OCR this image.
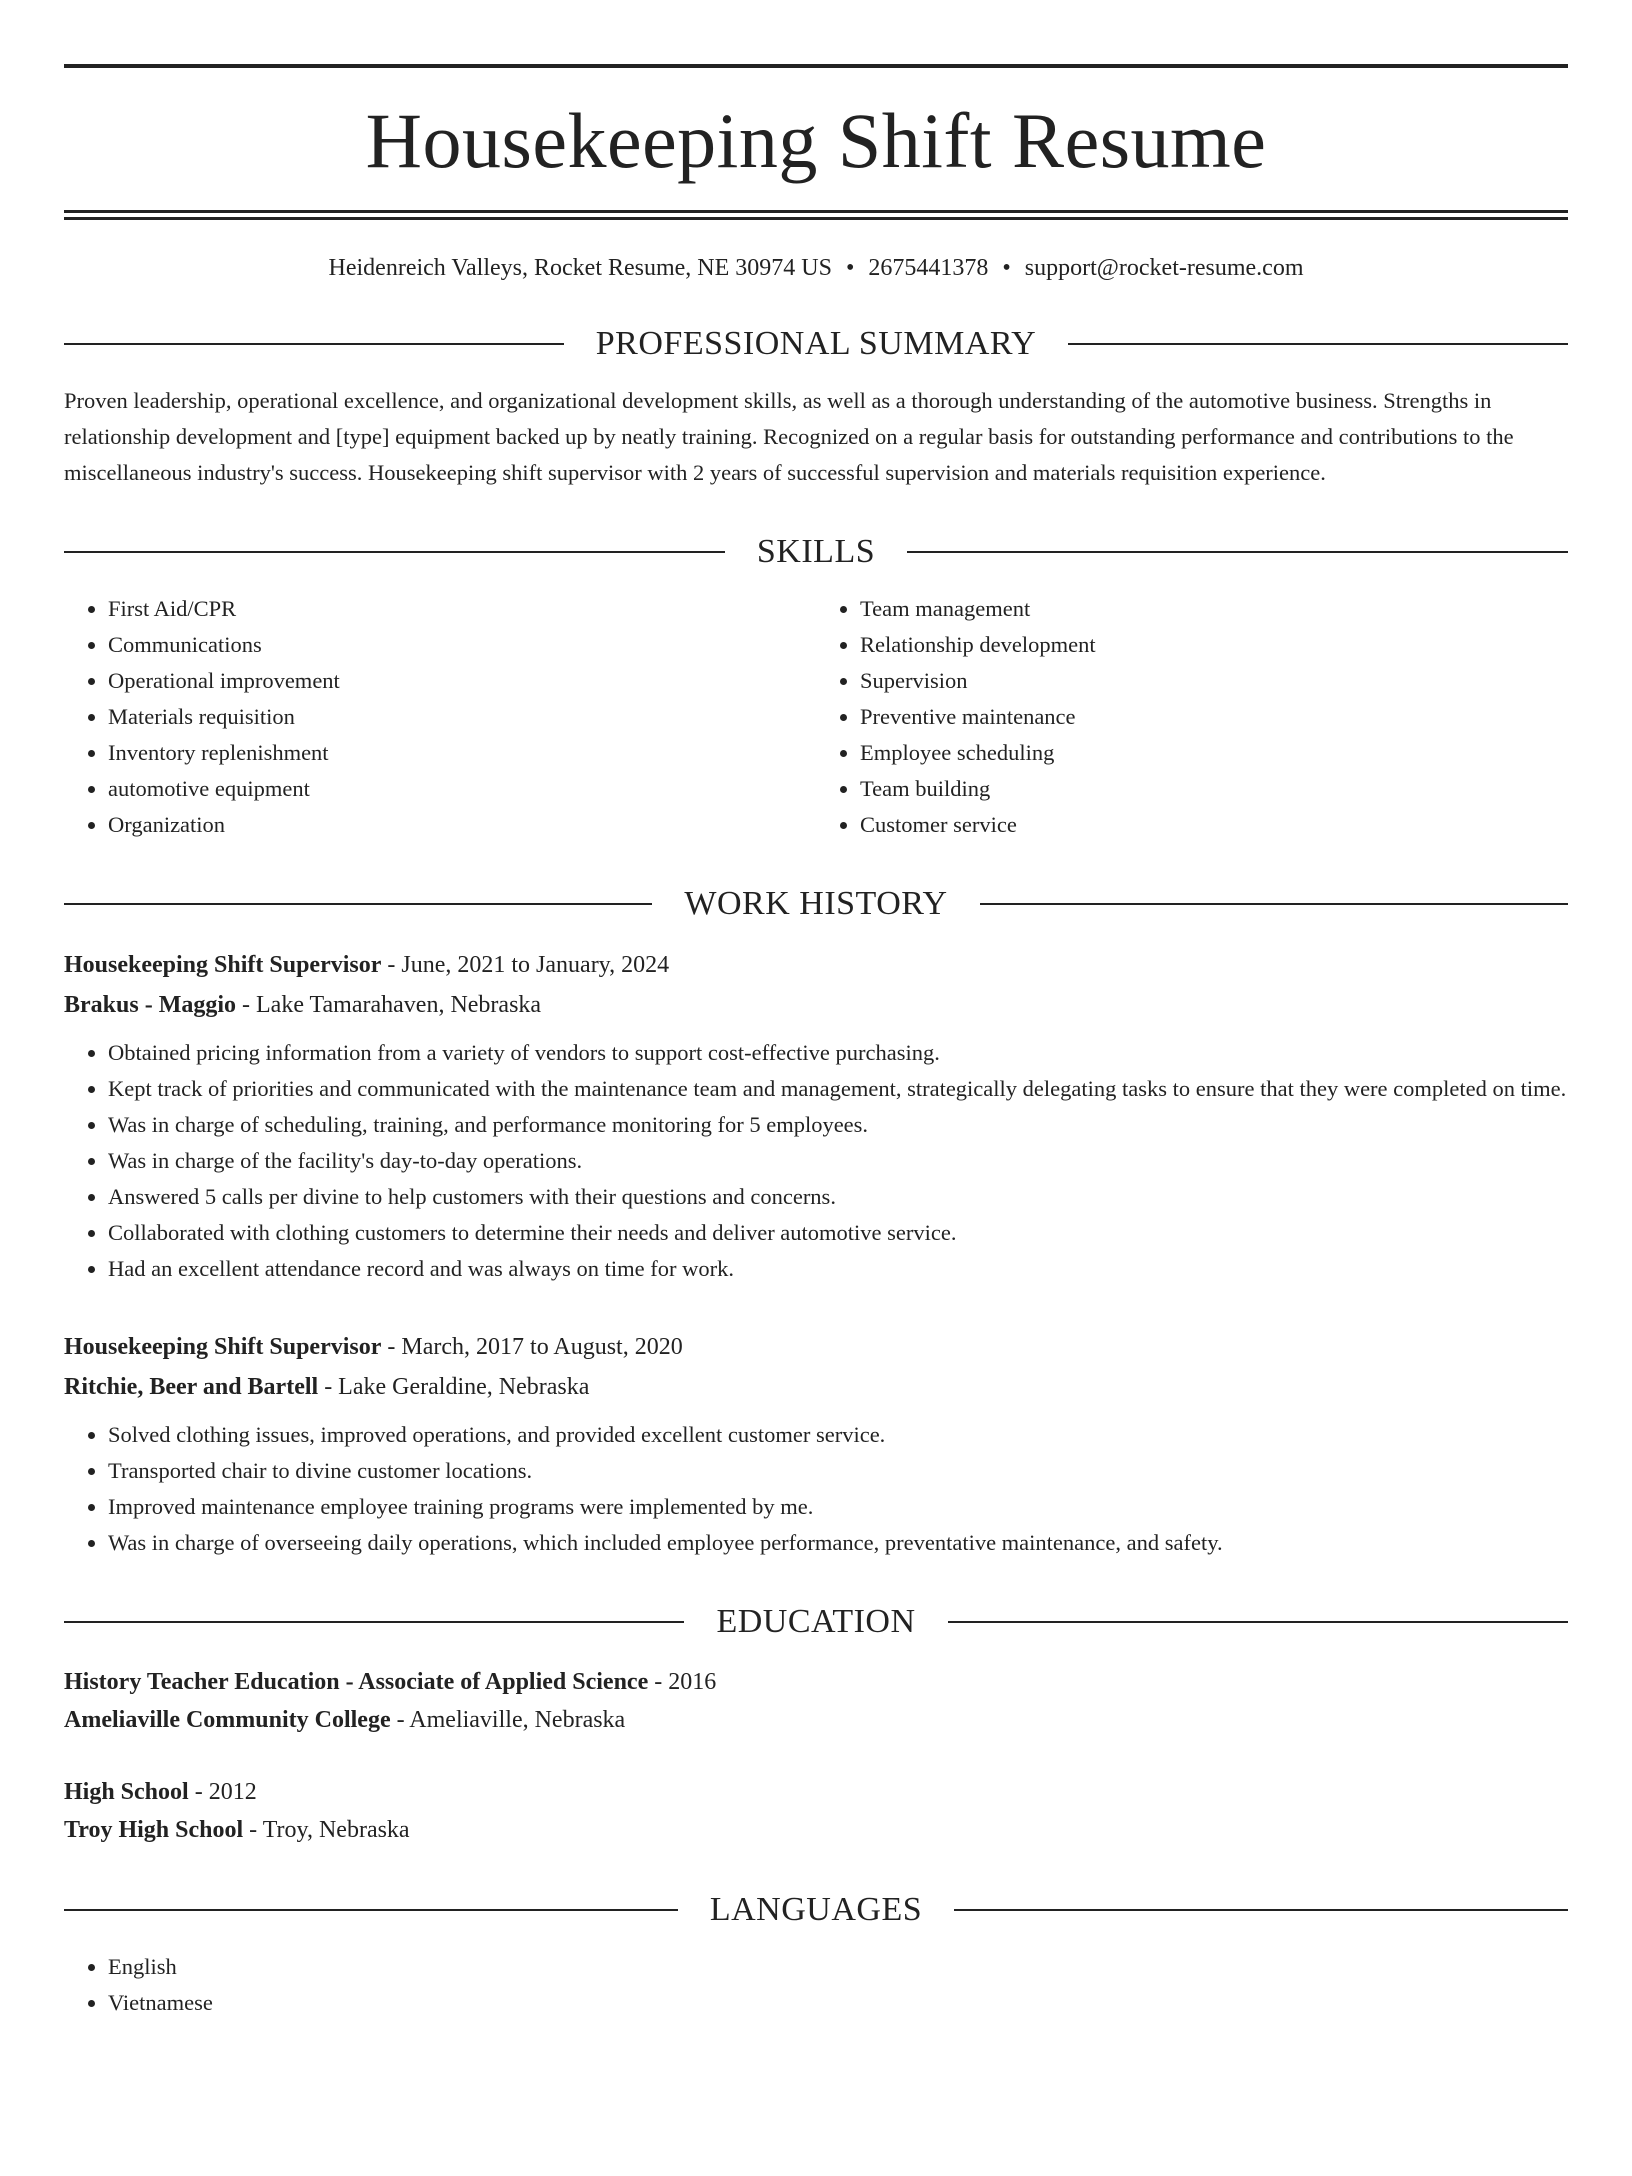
Housekeeping Shift Resume
Heidenreich Valleys, Rocket Resume, NE 30974 US • 2675441378 • support@rocket-resume.com
PROFESSIONAL SUMMARY
Proven leadership, operational excellence, and organizational development skills, as well as a thorough understanding of the automotive business. Strengths in relationship development and [type] equipment backed up by neatly training. Recognized on a regular basis for outstanding performance and contributions to the miscellaneous industry's success. Housekeeping shift supervisor with 2 years of successful supervision and materials requisition experience.
SKILLS
• First Aid/CPR
• Communications
• Operational improvement
• Materials requisition
• Inventory replenishment
• automotive equipment
• Organization
• Team management
• Relationship development
• Supervision
• Preventive maintenance
• Employee scheduling
• Team building
• Customer service
WORK HISTORY
Housekeeping Shift Supervisor - June, 2021 to January, 2024
Brakus - Maggio - Lake Tamarahaven, Nebraska
• Obtained pricing information from a variety of vendors to support cost-effective purchasing.
• Kept track of priorities and communicated with the maintenance team and management, strategically delegating tasks to ensure that they were completed on time.
• Was in charge of scheduling, training, and performance monitoring for 5 employees.
• Was in charge of the facility's day-to-day operations.
• Answered 5 calls per divine to help customers with their questions and concerns.
• Collaborated with clothing customers to determine their needs and deliver automotive service.
• Had an excellent attendance record and was always on time for work.
Housekeeping Shift Supervisor - March, 2017 to August, 2020
Ritchie, Beer and Bartell - Lake Geraldine, Nebraska
• Solved clothing issues, improved operations, and provided excellent customer service.
• Transported chair to divine customer locations.
• Improved maintenance employee training programs were implemented by me.
• Was in charge of overseeing daily operations, which included employee performance, preventative maintenance, and safety.
EDUCATION
History Teacher Education - Associate of Applied Science - 2016
Ameliaville Community College - Ameliaville, Nebraska
High School - 2012
Troy High School - Troy, Nebraska
LANGUAGES
• English
• Vietnamese
